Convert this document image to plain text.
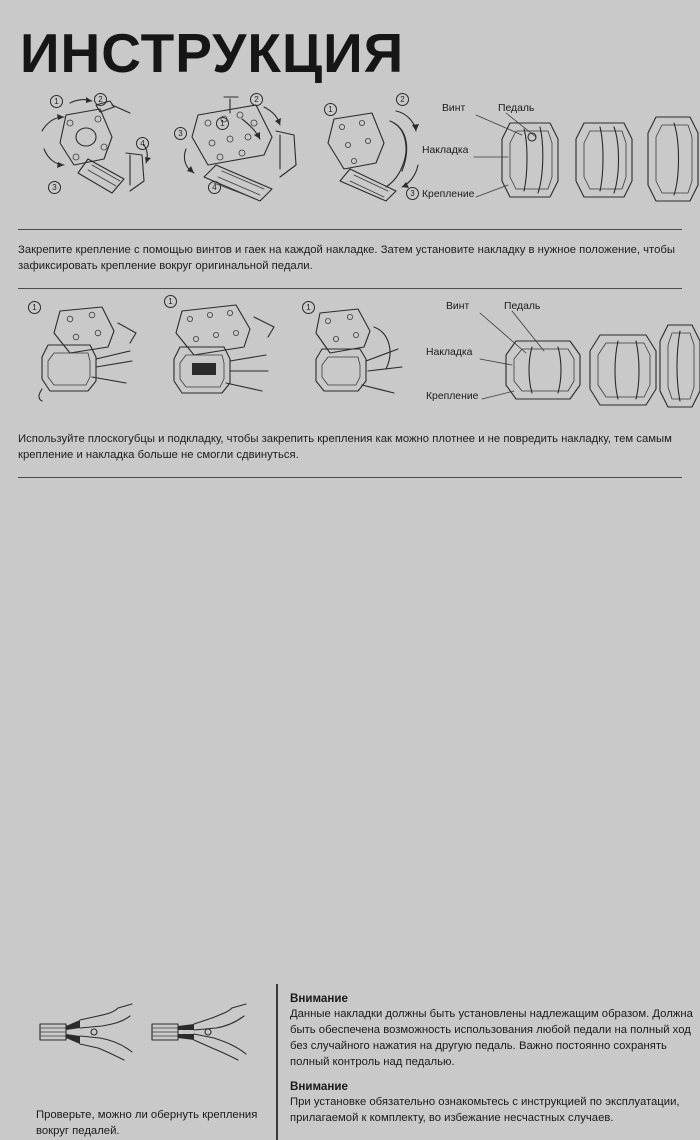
ИНСТРУКЦИЯ
1	2
3
4
1
2
3
4
1
2
3
Винт	Педаль
Накладка
Крепление

Закрепите крепление с помощью винтов и гаек на каждой накладке. Затем установите накладку в нужное положение, чтобы зафиксировать крепление вокруг оригинальной педали.

1
1
1	Винт	Педаль
Накладка
Крепление

Используйте плоскогубцы и подкладку, чтобы закрепить крепления как можно плотнее и не повредить накладку, тем самым крепление и накладка больше не смогли сдвинуться.

Проверьте, можно ли обернуть крепления вокруг педалей.

Внимание

Данные накладки должны быть установлены надлежащим образом. Должна быть обеспечена возможность использования любой педали на полный ход без случайного нажатия на другую педаль. Важно постоянно сохранять полный контроль над педалью.

Внимание

При установке обязательно ознакомьтесь с инструкцией по эксплуатации, прилагаемой к комплекту, во избежание несчастных случаев.
